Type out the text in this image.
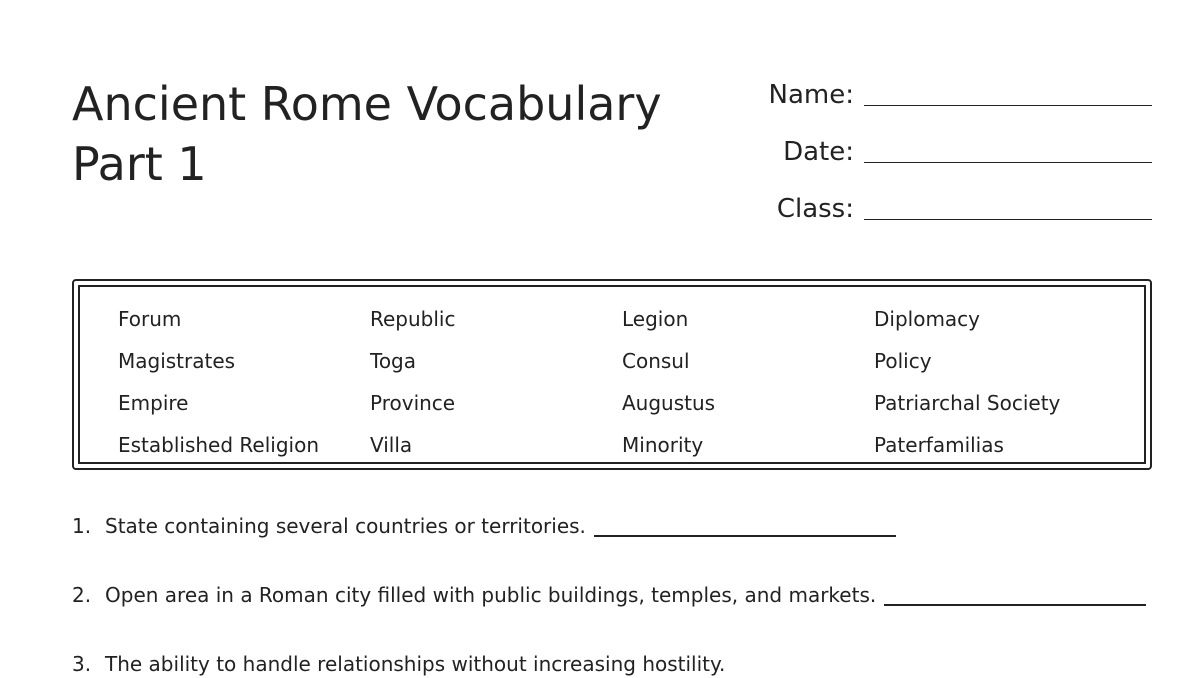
Ancient Rome Vocabulary
Part 1
Name:
Date:
Class:
Forum	Republic	Legion	Diplomacy
Magistrates	Toga	Consul	Policy
Empire	Province	Augustus	Patriarchal Society
Established Religion	Villa	Minority	Paterfamilias
1. State containing several countries or territories.
2. Open area in a Roman city filled with public buildings, temples, and markets.
3. The ability to handle relationships without increasing hostility.
